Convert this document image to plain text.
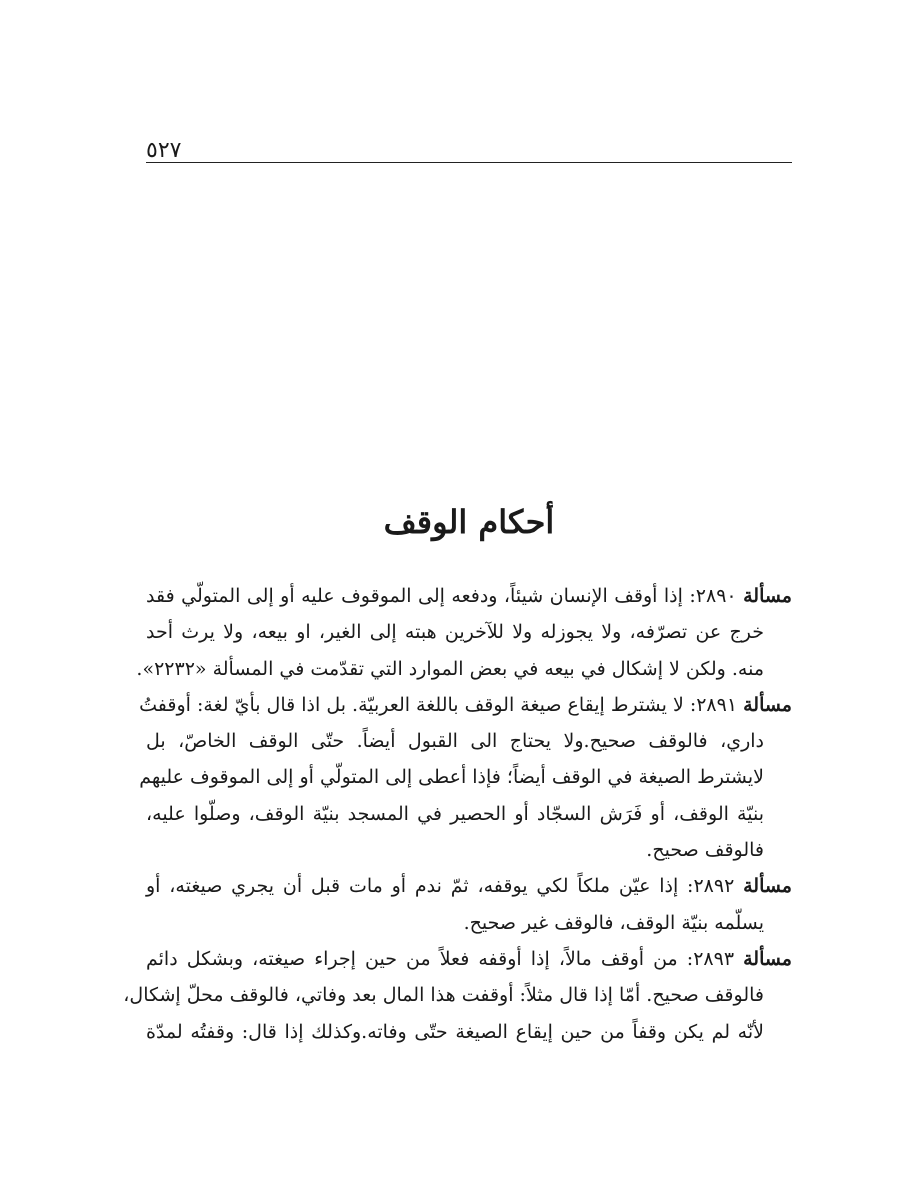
٥٢٧
أحكام الوقف
مسألة ٢٨٩٠: إذا أوقف الإنسان شيئاً، ودفعه إلى الموقوف عليه أو إلى المتولّي فقد
خرج عن تصرّفه، ولا يجوزله ولا للآخرين هبته إلى الغير، او بيعه، ولا يرث أحد
منه. ولكن لا إشكال في بيعه في بعض الموارد التي تقدّمت في المسألة «٢٢٣٢».
مسألة ٢٨٩١: لا يشترط إيقاع صيغة الوقف باللغة العربيّة. بل اذا قال بأيّ لغة: أوقفتُ
داري، فالوقف صحيح.ولا يحتاج الى القبول أيضاً. حتّى الوقف الخاصّ، بل
لايشترط الصيغة في الوقف أيضاً؛ فإذا أعطى إلى المتولّي أو إلى الموقوف عليهم
بنيّة الوقف، أو فَرَش السجّاد أو الحصير في المسجد بنيّة الوقف، وصلّوا عليه،
فالوقف صحيح.
مسألة ٢٨٩٢: إذا عيّن ملكاً لكي يوقفه، ثمّ ندم أو مات قبل أن يجري صيغته، أو
يسلّمه بنيّة الوقف، فالوقف غير صحيح.
مسألة ٢٨٩٣: من أوقف مالاً، إذا أوقفه فعلاً من حين إجراء صيغته، وبشكل دائم
فالوقف صحيح. أمّا إذا قال مثلاً: أوقفت هذا المال بعد وفاتي، فالوقف محلّ إشكال،
لأنّه لم يكن وقفاً من حين إيقاع الصيغة حتّى وفاته.وكذلك إذا قال: وقفتُه لمدّة
